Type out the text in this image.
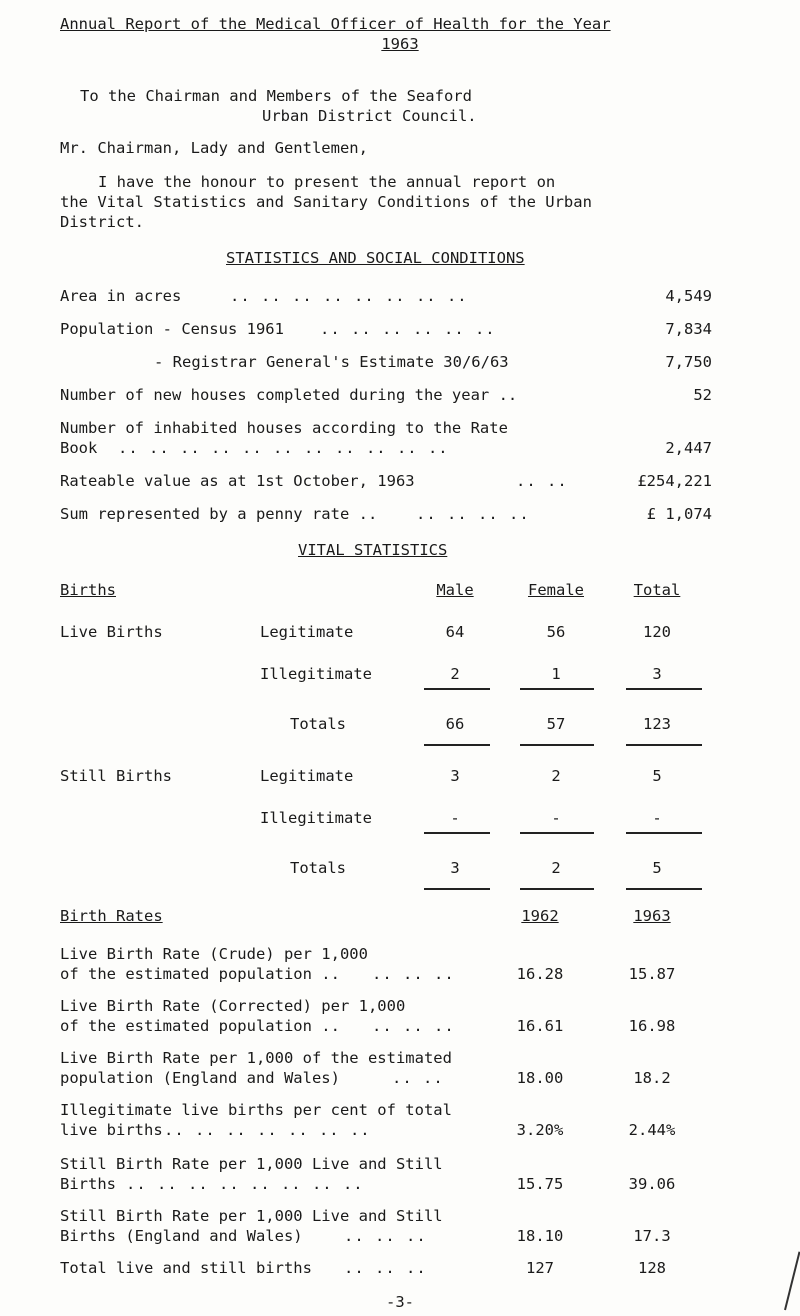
Annual Report of the Medical Officer of Health for the Year
1963
To the Chairman and Members of the Seaford
Urban District Council.
Mr. Chairman, Lady and Gentlemen,
I have the honour to present the annual report on
the Vital Statistics and Sanitary Conditions of the Urban
District.
STATISTICS AND SOCIAL CONDITIONS
Area in acres	.. .. .. .. .. .. .. ..	4,549
Population - Census 1961 .. .. .. .. .. ..	7,834
- Registrar General's Estimate 30/6/63	7,750
Number of new houses completed during the year ..	52
Number of inhabited houses according to the Rate
Book .. .. .. .. .. .. .. .. .. .. ..	2,447
Rateable value as at 1st October, 1963	.. ..	£254,221
Sum represented by a penny rate .. .. .. .. ..	£ 1,074
VITAL STATISTICS
Births	Male	Female	Total
Live Births	Legitimate	64	56	120
Illegitimate	2	1	3
Totals	66	57	123
Still Births	Legitimate	3	2	5
Illegitimate	-	-	-
Totals	3	2	5
Birth Rates	1962	1963
Live Birth Rate (Crude) per 1,000
of the estimated population .. .. .. ..	16.28	15.87
Live Birth Rate (Corrected) per 1,000
of the estimated population .. .. .. ..	16.61	16.98
Live Birth Rate per 1,000 of the estimated
population (England and Wales)	.. ..	18.00	18.2
Illegitimate live births per cent of total
live births .. .. .. .. .. .. ..	3.20%	2.44%
Still Birth Rate per 1,000 Live and Still
Births .. .. .. .. .. .. .. ..	15.75	39.06
Still Birth Rate per 1,000 Live and Still
Births (England and Wales)	.. .. ..	18.10	17.3
Total live and still births .. .. ..	127	128
-3-
